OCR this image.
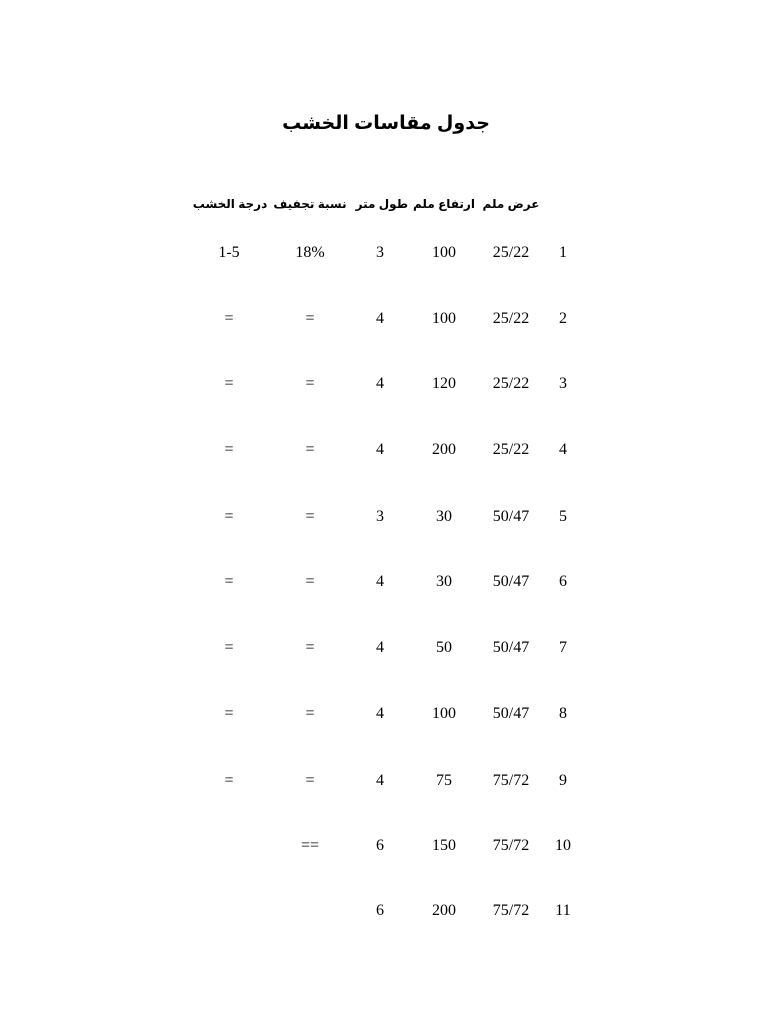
جدول مقاسات الخشب
عرض ملم
ارتفاع ملم
طول متر
نسبة تجفيف
درجة الخشب
1
25/22
100
3
18%
1-5
2
25/22
100
4
=
=
3
25/22
120
4
=
=
4
25/22
200
4
=
=
5
50/47
30
3
=
=
6
50/47
30
4
=
=
7
50/47
50
4
=
=
8
50/47
100
4
=
=
9
75/72
75
4
=
=
10
75/72
150
6
==
11
75/72
200
6
